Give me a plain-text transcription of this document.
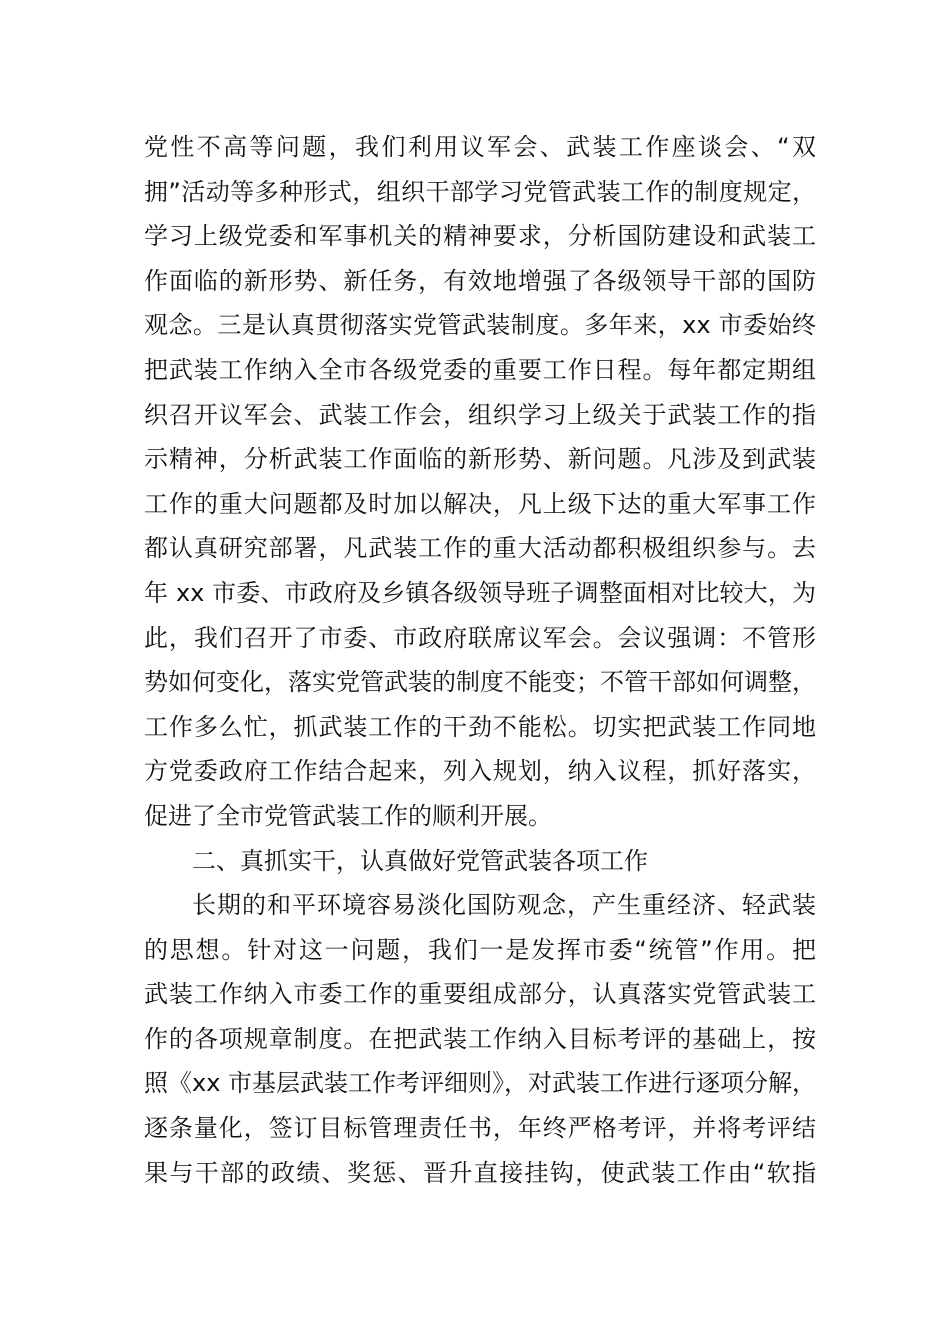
党性不高等问题，我们利用议军会、武装工作座谈会、“双
拥”活动等多种形式，组织干部学习党管武装工作的制度规定，
学习上级党委和军事机关的精神要求，分析国防建设和武装工
作面临的新形势、新任务，有效地增强了各级领导干部的国防
观念。三是认真贯彻落实党管武装制度。多年来，xx 市委始终
把武装工作纳入全市各级党委的重要工作日程。每年都定期组
织召开议军会、武装工作会，组织学习上级关于武装工作的指
示精神，分析武装工作面临的新形势、新问题。凡涉及到武装
工作的重大问题都及时加以解决，凡上级下达的重大军事工作
都认真研究部署，凡武装工作的重大活动都积极组织参与。去
年 xx 市委、市政府及乡镇各级领导班子调整面相对比较大，为
此，我们召开了市委、市政府联席议军会。会议强调：不管形
势如何变化，落实党管武装的制度不能变；不管干部如何调整，
工作多么忙，抓武装工作的干劲不能松。切实把武装工作同地
方党委政府工作结合起来，列入规划，纳入议程，抓好落实，
促进了全市党管武装工作的顺利开展。
二、真抓实干，认真做好党管武装各项工作
长期的和平环境容易淡化国防观念，产生重经济、轻武装
的思想。针对这一问题，我们一是发挥市委“统管”作用。把
武装工作纳入市委工作的重要组成部分，认真落实党管武装工
作的各项规章制度。在把武装工作纳入目标考评的基础上，按
照《xx 市基层武装工作考评细则》，对武装工作进行逐项分解，
逐条量化，签订目标管理责任书，年终严格考评，并将考评结
果与干部的政绩、奖惩、晋升直接挂钩，使武装工作由“软指
